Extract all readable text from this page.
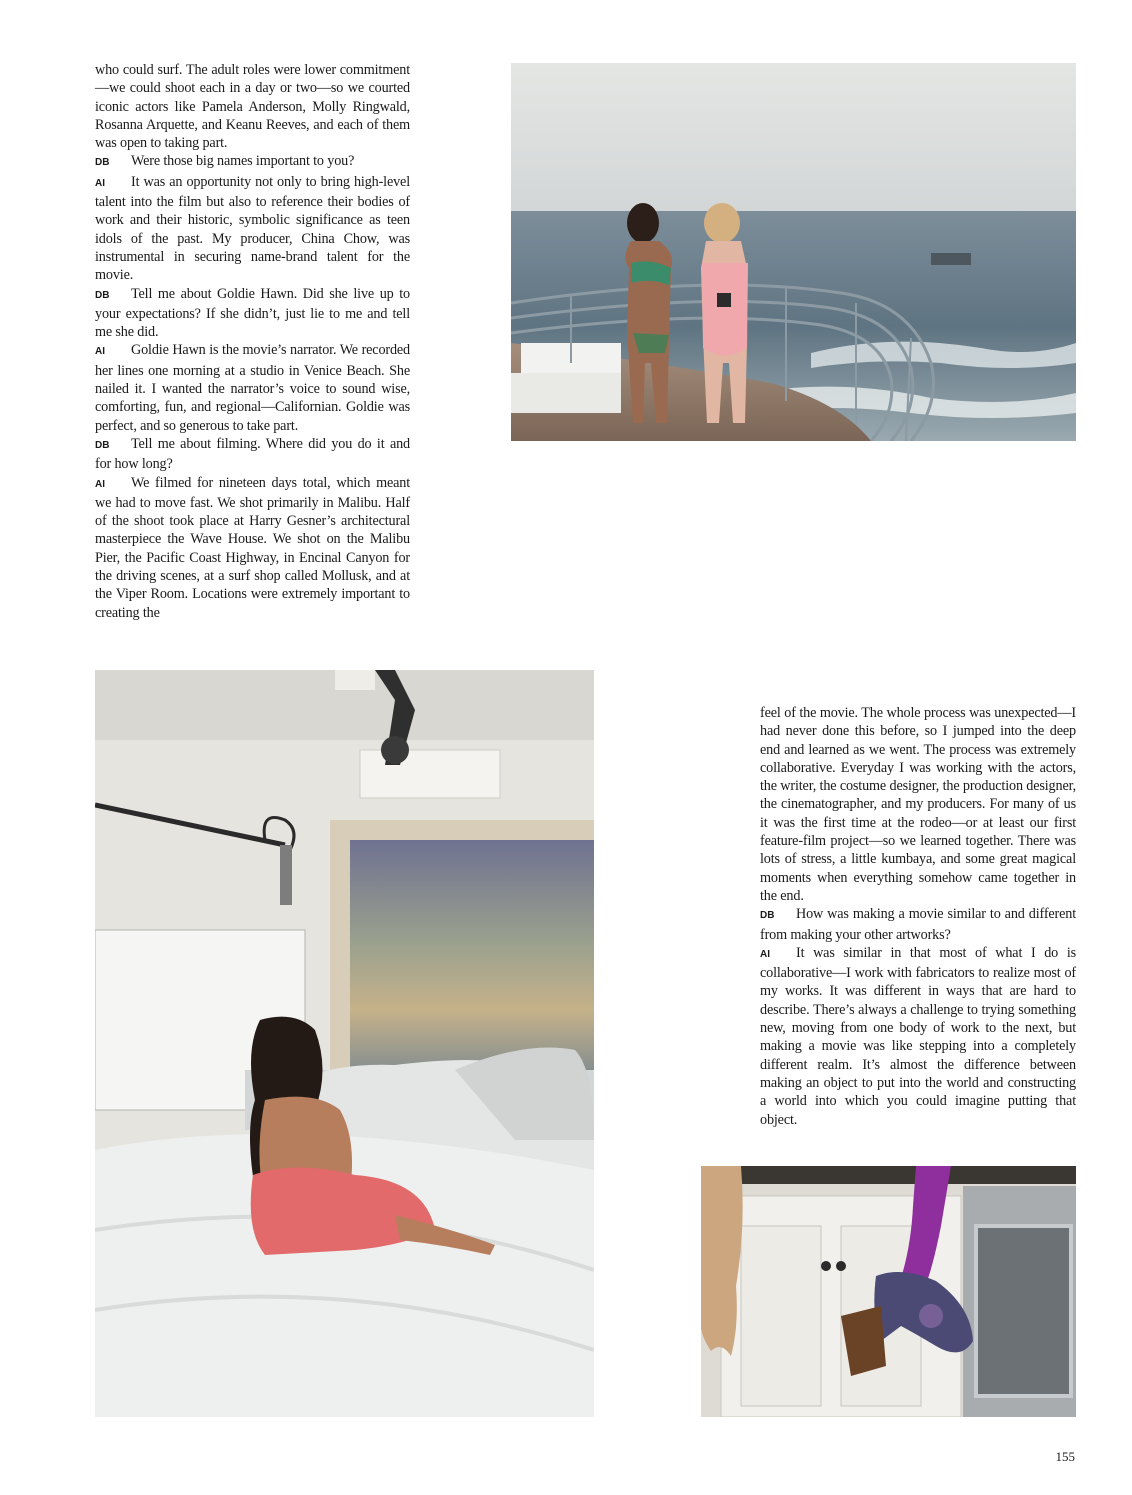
who could surf. The adult roles were lower commitment—we could shoot each in a day or two—so we courted iconic actors like Pamela Anderson, Molly Ringwald, Rosanna Arquette, and Keanu Reeves, and each of them was open to taking part.

DB Were those big names important to you?

AI It was an opportunity not only to bring high-level talent into the film but also to reference their bodies of work and their historic, symbolic significance as teen idols of the past. My producer, China Chow, was instrumental in securing name-brand talent for the movie.

DB Tell me about Goldie Hawn. Did she live up to your expectations? If she didn’t, just lie to me and tell me she did.

AI Goldie Hawn is the movie’s narrator. We recorded her lines one morning at a studio in Venice Beach. She nailed it. I wanted the narrator’s voice to sound wise, comforting, fun, and regional—Californian. Goldie was perfect, and so generous to take part.

DB Tell me about filming. Where did you do it and for how long?

AI We filmed for nineteen days total, which meant we had to move fast. We shot primarily in Malibu. Half of the shoot took place at Harry Gesner’s architectural masterpiece the Wave House. We shot on the Malibu Pier, the Pacific Coast Highway, in Encinal Canyon for the driving scenes, at a surf shop called Mollusk, and at the Viper Room. Locations were extremely important to creating the

feel of the movie. The whole process was unexpected—I had never done this before, so I jumped into the deep end and learned as we went. The process was extremely collaborative. Everyday I was working with the actors, the writer, the costume designer, the production designer, the cinematographer, and my producers. For many of us it was the first time at the rodeo—or at least our first feature-film project—so we learned together. There was lots of stress, a little kumbaya, and some great magical moments when everything somehow came together in the end.

DB How was making a movie similar to and different from making your other artworks?

AI It was similar in that most of what I do is collaborative—I work with fabricators to realize most of my works. It was different in ways that are hard to describe. There’s always a challenge to trying something new, moving from one body of work to the next, but making a movie was like stepping into a completely different realm. It’s almost the difference between making an object to put into the world and constructing a world into which you could imagine putting that object.

155
